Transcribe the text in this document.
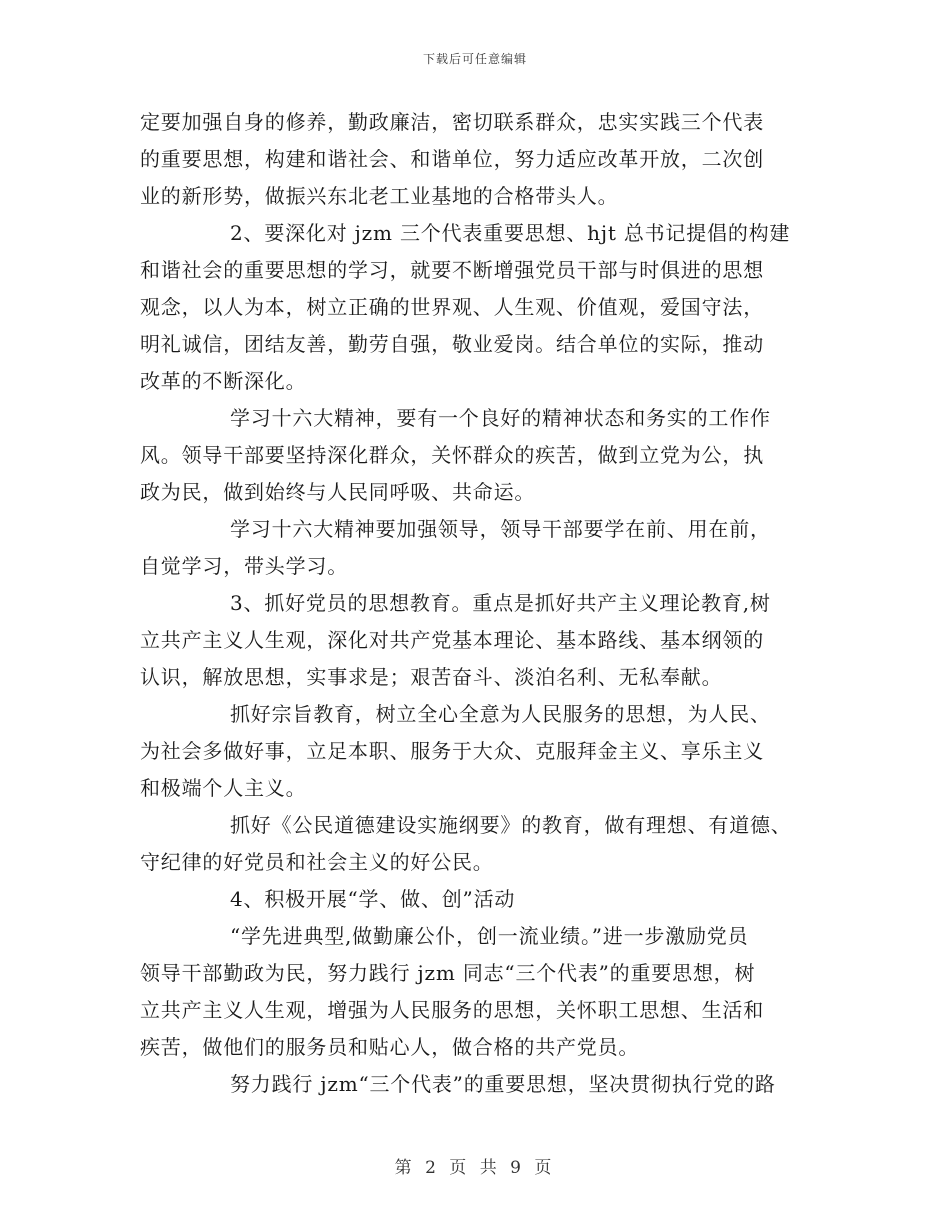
下载后可任意编辑
定要加强自身的修养，勤政廉洁，密切联系群众，忠实实践三个代表
的重要思想，构建和谐社会、和谐单位，努力适应改革开放，二次创
业的新形势，做振兴东北老工业基地的合格带头人。
2、要深化对 jzm 三个代表重要思想、hjt 总书记提倡的构建
和谐社会的重要思想的学习，就要不断增强党员干部与时俱进的思想
观念，以人为本，树立正确的世界观、人生观、价值观，爱国守法，
明礼诚信，团结友善，勤劳自强，敬业爱岗。结合单位的实际，推动
改革的不断深化。
学习十六大精神，要有一个良好的精神状态和务实的工作作
风。领导干部要坚持深化群众，关怀群众的疾苦，做到立党为公，执
政为民，做到始终与人民同呼吸、共命运。
学习十六大精神要加强领导，领导干部要学在前、用在前，
自觉学习，带头学习。
3、抓好党员的思想教育。重点是抓好共产主义理论教育,树
立共产主义人生观，深化对共产党基本理论、基本路线、基本纲领的
认识，解放思想，实事求是；艰苦奋斗、淡泊名利、无私奉献。
抓好宗旨教育，树立全心全意为人民服务的思想，为人民、
为社会多做好事，立足本职、服务于大众、克服拜金主义、享乐主义
和极端个人主义。
抓好《公民道德建设实施纲要》的教育，做有理想、有道德、
守纪律的好党员和社会主义的好公民。
4、积极开展“学、做、创”活动
“学先进典型,做勤廉公仆，创一流业绩。”进一步激励党员
领导干部勤政为民，努力践行 jzm 同志“三个代表”的重要思想，树
立共产主义人生观，增强为人民服务的思想，关怀职工思想、生活和
疾苦，做他们的服务员和贴心人，做合格的共产党员。
努力践行 jzm“三个代表”的重要思想，坚决贯彻执行党的路
第 2 页 共 9 页
